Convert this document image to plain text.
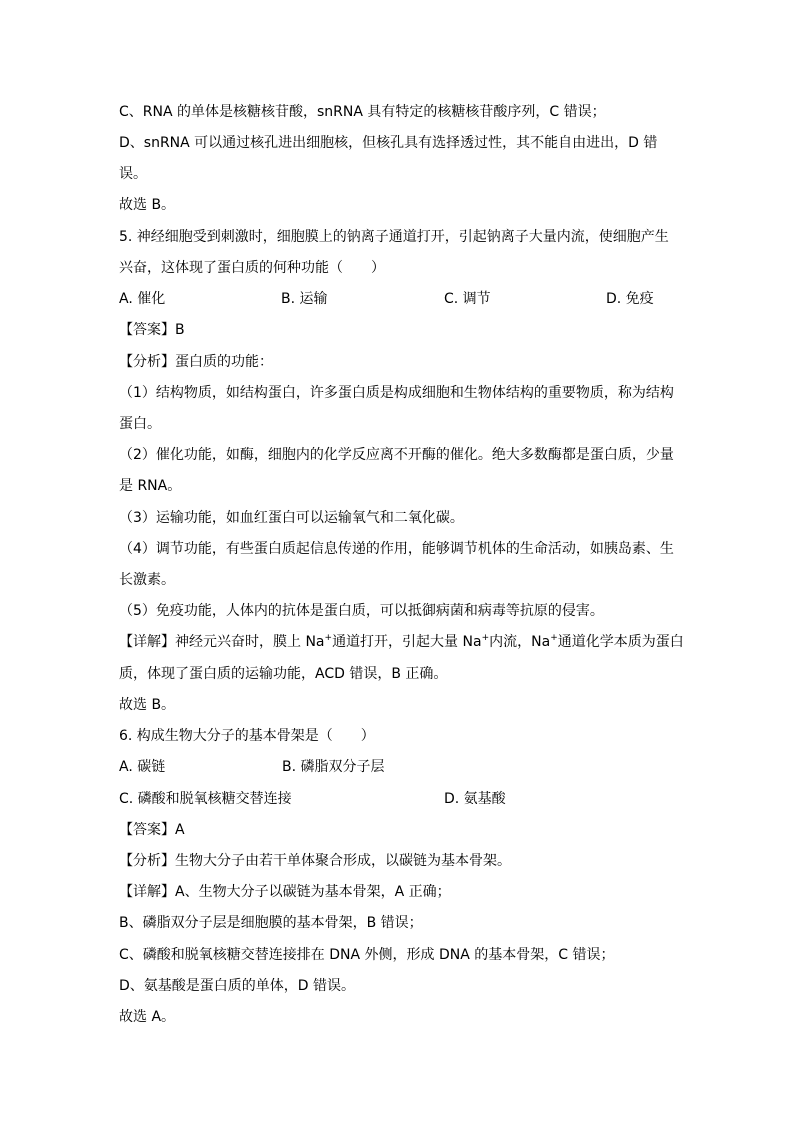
C、RNA 的单体是核糖核苷酸，snRNA 具有特定的核糖核苷酸序列，C 错误；
D、snRNA 可以通过核孔进出细胞核，但核孔具有选择透过性，其不能自由进出，D 错
误。
故选 B。
5. 神经细胞受到刺激时，细胞膜上的钠离子通道打开，引起钠离子大量内流，使细胞产生
兴奋，这体现了蛋白质的何种功能（　　）
A. 催化	B. 运输	C. 调节	D. 免疫
【答案】B
【分析】蛋白质的功能：
（1）结构物质，如结构蛋白，许多蛋白质是构成细胞和生物体结构的重要物质，称为结构
蛋白。
（2）催化功能，如酶，细胞内的化学反应离不开酶的催化。绝大多数酶都是蛋白质，少量
是 RNA。
（3）运输功能，如血红蛋白可以运输氧气和二氧化碳。
（4）调节功能，有些蛋白质起信息传递的作用，能够调节机体的生命活动，如胰岛素、生
长激素。
（5）免疫功能，人体内的抗体是蛋白质，可以抵御病菌和病毒等抗原的侵害。
【详解】神经元兴奋时，膜上 Na+通道打开，引起大量 Na+内流，Na+通道化学本质为蛋白
质，体现了蛋白质的运输功能，ACD 错误，B 正确。
故选 B。
6. 构成生物大分子的基本骨架是（　　）
A. 碳链	B. 磷脂双分子层
C. 磷酸和脱氧核糖交替连接	D. 氨基酸
【答案】A
【分析】生物大分子由若干单体聚合形成，以碳链为基本骨架。
【详解】A、生物大分子以碳链为基本骨架，A 正确；
B、磷脂双分子层是细胞膜的基本骨架，B 错误；
C、磷酸和脱氧核糖交替连接排在 DNA 外侧，形成 DNA 的基本骨架，C 错误；
D、氨基酸是蛋白质的单体，D 错误。
故选 A。
